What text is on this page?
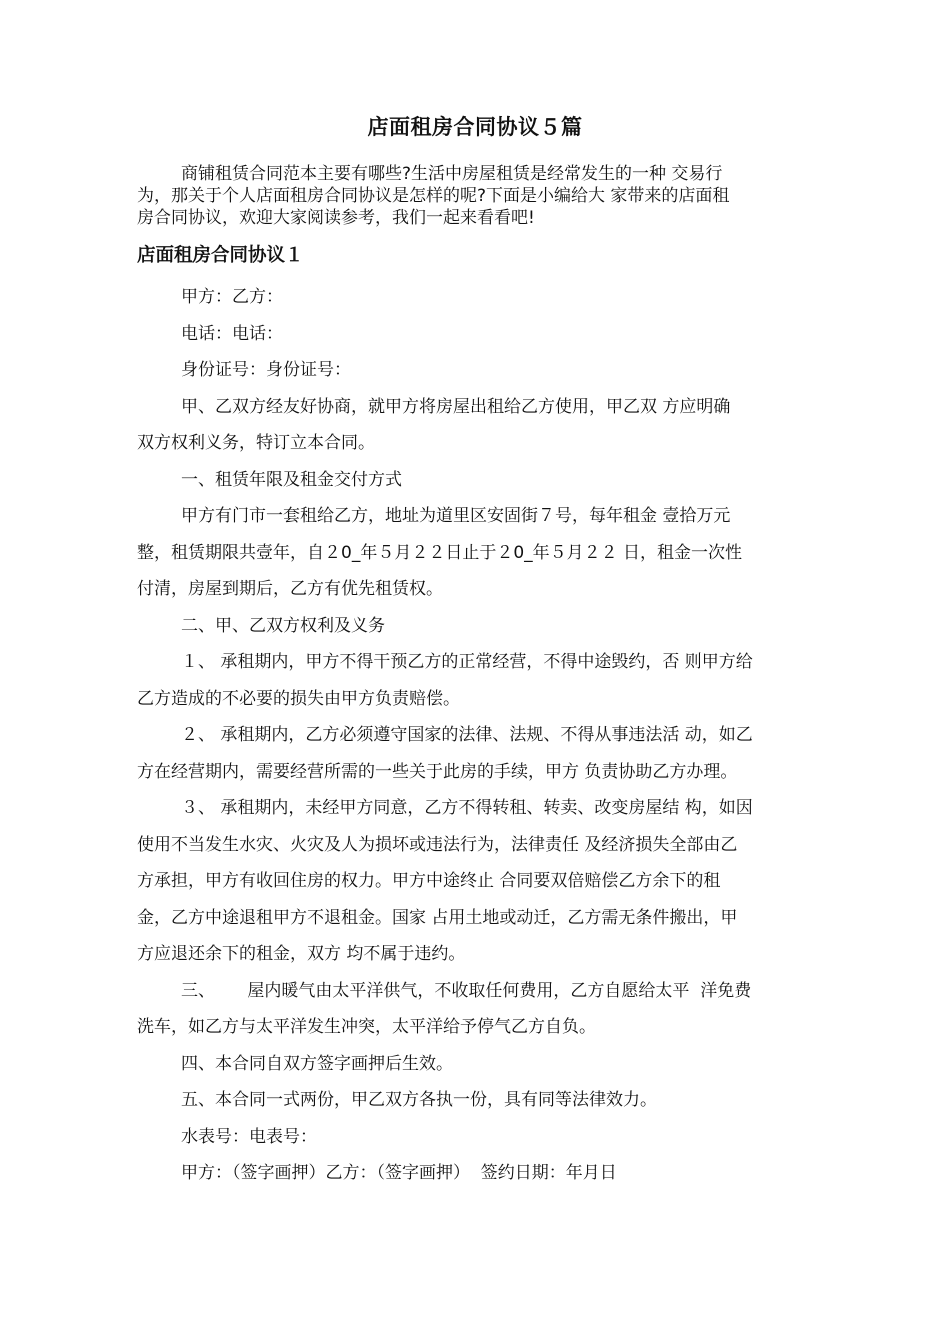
店面租房合同协议５篇

商铺租赁合同范本主要有哪些?生活中房屋租赁是经常发生的一种 交易行
为，那关于个人店面租房合同协议是怎样的呢?下面是小编给大 家带来的店面租
房合同协议，欢迎大家阅读参考，我们一起来看看吧!

店面租房合同协议１

甲方：乙方：

电话：电话：

身份证号：身份证号：

甲、乙双方经友好协商，就甲方将房屋出租给乙方使用，甲乙双 方应明确
双方权利义务，特订立本合同。

一、租赁年限及租金交付方式

甲方有门市一套租给乙方，地址为道里区安固街７号，每年租金 壹拾万元
整，租赁期限共壹年，自２0_年５月２２日止于２0_年５月２２ 日，租金一次性
付清，房屋到期后，乙方有优先租赁权。

二、甲、乙双方权利及义务

１、 承租期内，甲方不得干预乙方的正常经营，不得中途毁约，否 则甲方给
乙方造成的不必要的损失由甲方负责赔偿。

２、 承租期内，乙方必须遵守国家的法律、法规、不得从事违法活 动，如乙
方在经营期内，需要经营所需的一些关于此房的手续，甲方 负责协助乙方办理。

３、 承租期内，未经甲方同意，乙方不得转租、转卖、改变房屋结 构，如因
使用不当发生水灾、火灾及人为损坏或违法行为，法律责任 及经济损失全部由乙
方承担，甲方有收回住房的权力。甲方中途终止 合同要双倍赔偿乙方余下的租
金，乙方中途退租甲方不退租金。国家 占用土地或动迁，乙方需无条件搬出，甲
方应退还余下的租金，双方 均不属于违约。

三、      屋内暖气由太平洋供气，不收取任何费用，乙方自愿给太平  洋免费
洗车，如乙方与太平洋发生冲突，太平洋给予停气乙方自负。

四、本合同自双方签字画押后生效。

五、本合同一式两份，甲乙双方各执一份，具有同等法律效力。

水表号：电表号：

甲方：（签字画押）乙方：（签字画押）  签约日期：年月日
